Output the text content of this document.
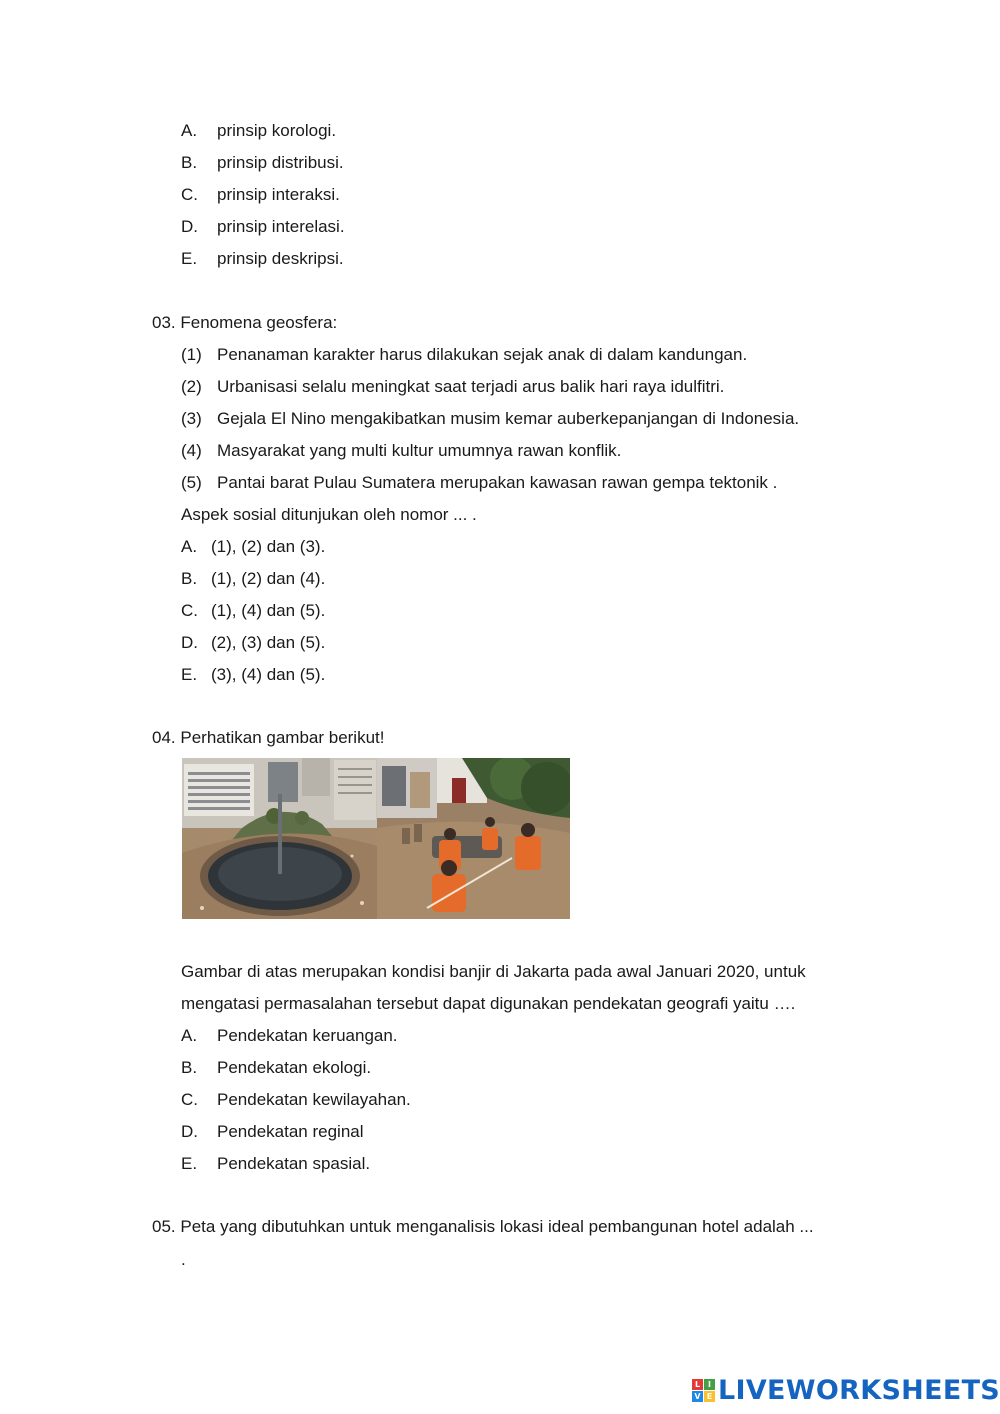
A. prinsip korologi.
B. prinsip distribusi.
C. prinsip interaksi.
D. prinsip interelasi.
E. prinsip deskripsi.
03. Fenomena geosfera:
(1) Penanaman karakter harus dilakukan sejak anak di dalam kandungan.
(2) Urbanisasi selalu meningkat saat terjadi arus balik hari raya idulfitri.
(3) Gejala El Nino mengakibatkan musim kemar auberkepanjangan di Indonesia.
(4) Masyarakat yang multi kultur umumnya rawan konflik.
(5) Pantai barat Pulau Sumatera merupakan kawasan rawan gempa tektonik .
Aspek sosial ditunjukan oleh nomor ... .
A. (1), (2) dan (3).
B. (1), (2) dan (4).
C. (1), (4) dan (5).
D. (2), (3) dan (5).
E. (3), (4) dan (5).
04. Perhatikan gambar berikut!
Gambar di atas merupakan kondisi banjir di Jakarta pada awal Januari 2020, untuk
mengatasi permasalahan tersebut dapat digunakan pendekatan geografi yaitu ….
A. Pendekatan keruangan.
B. Pendekatan ekologi.
C. Pendekatan kewilayahan.
D. Pendekatan reginal
E. Pendekatan spasial.
05. Peta yang dibutuhkan untuk menganalisis lokasi ideal pembangunan hotel adalah ...
.
L I
V E LIVEWORKSHEETS
